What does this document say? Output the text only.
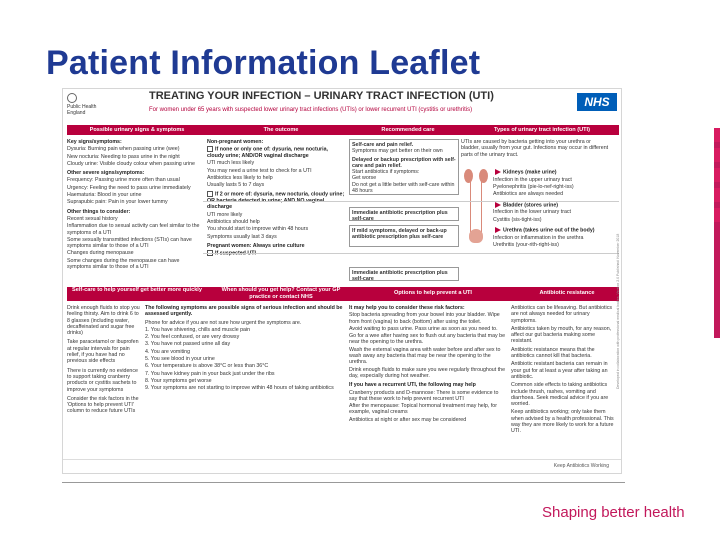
Patient Information Leaflet
Public Health England
TREATING YOUR INFECTION – URINARY TRACT INFECTION (UTI)
For women under 65 years with suspected lower urinary tract infections (UTIs) or lower recurrent UTI (cystitis or urethritis)
NHS
Possible urinary signs & symptoms	The outcome	Recommended care	Types of urinary tract infection (UTI)

Key signs/symptoms:

Dysuria: Burning pain when passing urine (wee)

New nocturia: Needing to pass urine in the night

Cloudy urine: Visible cloudy colour when passing urine

Other severe signs/symptoms:

Frequency: Passing urine more often than usual

Urgency: Feeling the need to pass urine immediately

Haematuria: Blood in your urine

Suprapubic pain: Pain in your lower tummy

Other things to consider:

Recent sexual history

Inflammation due to sexual activity can feel similar to the symptoms of a UTI

Some sexually transmitted infections (STIs) can have symptoms similar to those of a UTI

Changes during menopause

Some changes during the menopause can have symptoms similar to those of a UTI

Non-pregnant women:

If none or only one of: dysuria, new nocturia, cloudy urine; AND/OR vaginal discharge

UTI much less likely

You may need a urine test to check for a UTI

Antibiotics less likely to help

Usually lasts 5 to 7 days

If 2 or more of: dysuria, new nocturia, cloudy urine; discharge

UTI more likely

Antibiotics should help

You should start to improve within 48 hours

Symptoms usually last 3 days

Pregnant women: Always urine culture

Self-care and pain relief.

Symptoms may get better on their own

Delayed or backup prescription with self-care and pain relief.

Start antibiotics if symptoms:

Get worse

Do not get a little better with self-care within 48 hours

Immediate antibiotic prescription plus self-care

If mild symptoms, delayed or back-up antibiotic prescription plus self-care

Immediate antibiotic prescription plus self-care

UTIs are caused by bacteria getting into your urethra or bladder, usually from your gut. Infections may occur in different parts of the urinary tract.

Kidneys (make urine)

Infection in the upper urinary tract

Pyelonephritis (pie-lo-nef-right-iss)

Antibiotics are always needed

Bladder (stores urine)

Infection in the lower urinary tract

Cystitis (sis-tight-iss)

Urethra (takes urine out of the body)

Infection or inflammation in the urethra

Urethritis (your-rith-right-iss)

Self-care to help yourself get better more quickly	When should you get help? Contact your GP practice or contact NHS
Options to help prevent a UTI	Antibiotic resistance

Drink enough fluids to stop you feeling thirsty. Aim to drink 6 to 8 glasses (including water, decaffeinated and sugar free drinks)

Take paracetamol or ibuprofen at regular intervals for pain relief, if you have had no previous side effects

There is currently no evidence to support taking cranberry products or cystitis sachets to improve your symptoms

Consider the risk factors in the 'Options to help prevent UTI' column to reduce future UTIs

The following symptoms are possible signs of serious infection and should be assessed urgently.

Phone for advice if you are not sure how urgent the symptoms are.

1. You have shivering, chills and muscle pain

2. You feel confused, or are very drowsy

3. You have not passed urine all day

4. You are vomiting

5. You see blood in your urine

6. Your temperature is above 38°C or less than 36°C

7. You have kidney pain in your back just under the ribs

8. Your symptoms get worse

9. Your symptoms are not starting to improve within 48 hours of taking antibiotics

It may help you to consider these risk factors:

Stop bacteria spreading from your bowel into your bladder. Wipe from front (vagina) to back (bottom) after using the toilet.

Avoid waiting to pass urine. Pass urine as soon as you need to.

Go for a wee after having sex to flush out any bacteria that may be near the opening to the urethra.

Wash the external vagina area with water before and after sex to wash away any bacteria that may be near the opening to the urethra.

Drink enough fluids to make sure you wee regularly throughout the day, especially during hot weather.

If you have a recurrent UTI, the following may help

Cranberry products and D-mannose: There is some evidence to say that these work to help prevent recurrent UTI

After the menopause: Topical hormonal treatment may help, for example, vaginal creams

Antibiotics at night or after sex may be considered

Antibiotics can be lifesaving. But antibiotics are not always needed for urinary symptoms.

Antibiotics taken by mouth, for any reason, affect our gut bacteria making some resistant.

Antibiotic resistance means that the antibiotics cannot kill that bacteria.

Antibiotic resistant bacteria can remain in your gut for at least a year after taking an antibiotic.

Common side effects to taking antibiotics include thrush, rashes, vomiting and diarrhoea. Seek medical advice if you are worried.

Keep antibiotics working; only take them when advised by a health professional. This way they are more likely to work for a future UTI.

Developed in collaboration with professional medical bodies. Version 2.0 Published: November 2018
Keep Antibiotics Working
Shaping better health
